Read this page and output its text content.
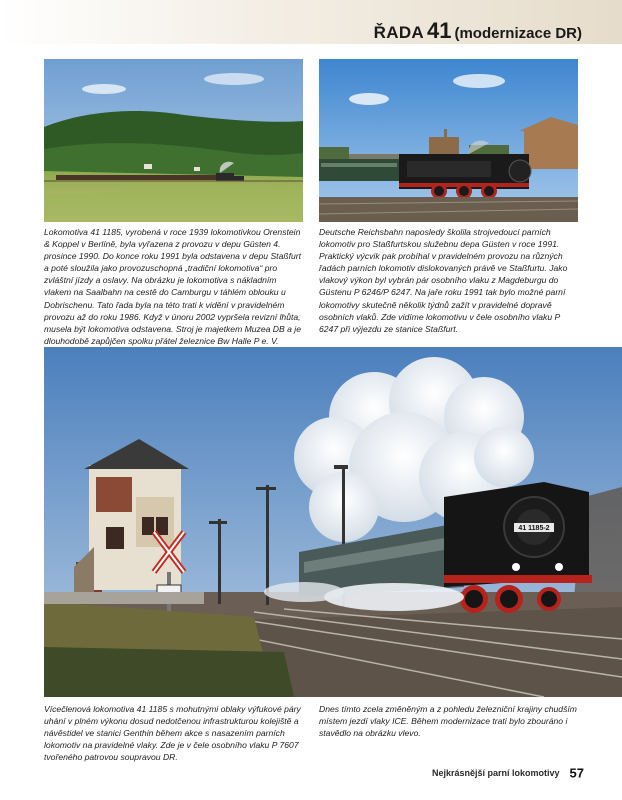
ŘADA 41 (modernizace DR)
Lokomotiva 41 1185, vyrobená v roce 1939 lokomotivkou Orenstein & Koppel v Berlíně, byla vyřazena z provozu v depu Güsten 4. prosince 1990. Do konce roku 1991 byla odstavena v depu Staßfurt a poté sloužila jako provozuschopná „tradiční lokomotiva“ pro zvláštní jízdy a oslavy. Na obrázku je lokomotiva s nákladním vlakem na Saalbahn na cestě do Camburgu v táhlém oblouku u Dobrischenu. Tato řada byla na této trati k vidění v pravidelném provozu až do roku 1986. Když v únoru 2002 vypršela revizní lhůta, musela být lokomotiva odstavena. Stroj je majetkem Muzea DB a je dlouhodobě zapůjčen spolku přátel železnice Bw Halle P e. V.
Deutsche Reichsbahn naposledy školila strojvedoucí parních lokomotiv pro Staßfurtskou služebnu depa Güsten v roce 1991. Praktický výcvik pak probíhal v pravidelném provozu na různých řadách parních lokomotiv dislokovaných právě ve Staßfurtu. Jako vlakový výkon byl vybrán pár osobního vlaku z Magdeburgu do Güstenu P 6246/P 6247. Na jaře roku 1991 tak bylo možné parní lokomotivy skutečně několik týdnů zažít v pravidelné dopravě osobních vlaků. Zde vidíme lokomotivu v čele osobního vlaku P 6247 při výjezdu ze stanice Staßfurt.
41 1185-2
Vícečlenová lokomotiva 41 1185 s mohutnými oblaky výfukové páry uhání v plném výkonu dosud nedotčenou infrastrukturou kolejiště a návěstidel ve stanici Genthin během akce s nasazením parních lokomotiv na pravidelné vlaky. Zde je v čele osobního vlaku P 7607 tvořeného patrovou soupravou DR.
Dnes tímto zcela změněným a z pohledu železniční krajiny chudším místem jezdí vlaky ICE. Během modernizace trati bylo zbouráno i stavědlo na obrázku vlevo.
Nejkrásnější parní lokomotivy 57
